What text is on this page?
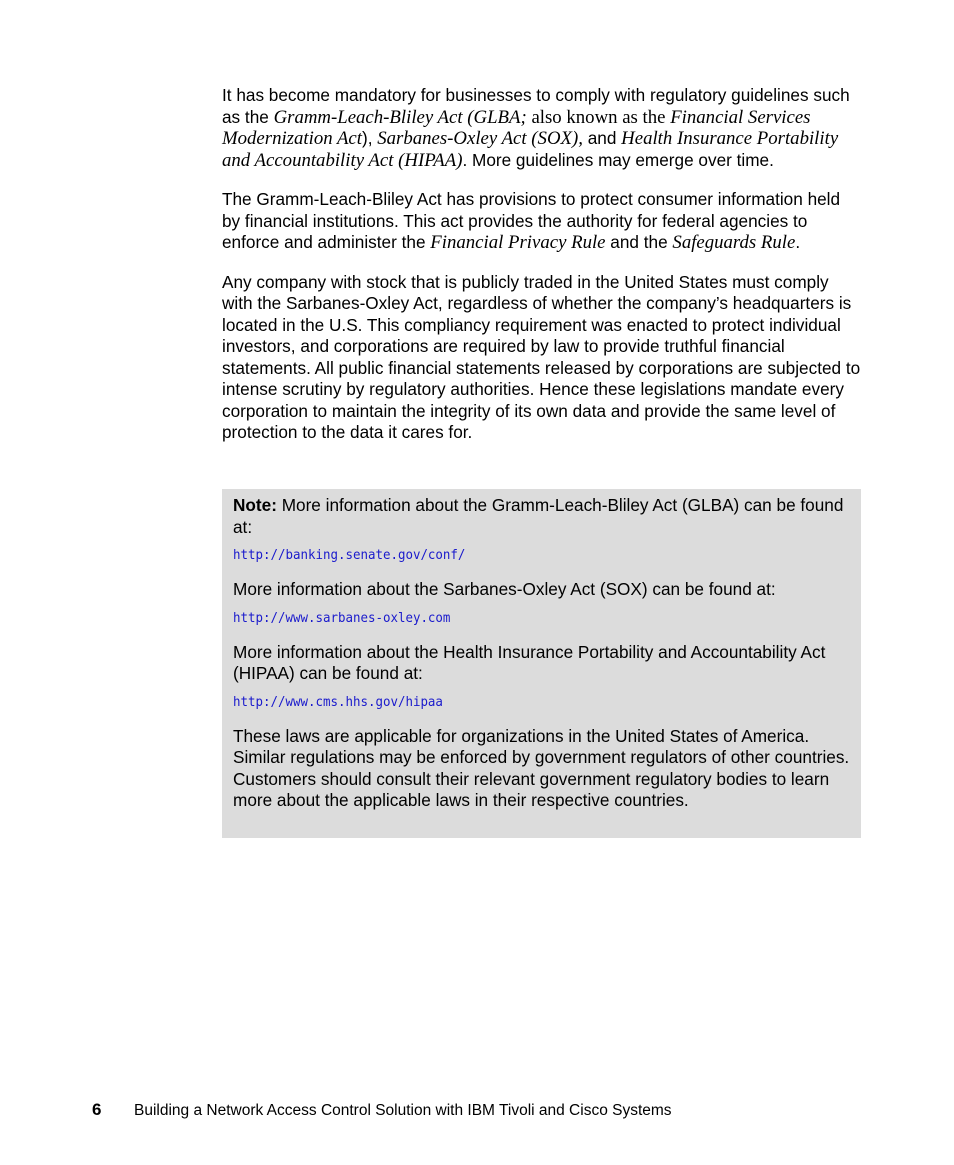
It has become mandatory for businesses to comply with regulatory guidelines such as the Gramm-Leach-Bliley Act (GLBA; also known as the Financial Services Modernization Act), Sarbanes-Oxley Act (SOX), and Health Insurance Portability and Accountability Act (HIPAA). More guidelines may emerge over time.

The Gramm-Leach-Bliley Act has provisions to protect consumer information held by financial institutions. This act provides the authority for federal agencies to enforce and administer the Financial Privacy Rule and the Safeguards Rule.

Any company with stock that is publicly traded in the United States must comply with the Sarbanes-Oxley Act, regardless of whether the company’s headquarters is located in the U.S. This compliancy requirement was enacted to protect individual investors, and corporations are required by law to provide truthful financial statements. All public financial statements released by corporations are subjected to intense scrutiny by regulatory authorities. Hence these legislations mandate every corporation to maintain the integrity of its own data and provide the same level of protection to the data it cares for.

Note: More information about the Gramm-Leach-Bliley Act (GLBA) can be found at:

http://banking.senate.gov/conf/

More information about the Sarbanes-Oxley Act (SOX) can be found at:

http://www.sarbanes-oxley.com

More information about the Health Insurance Portability and Accountability Act (HIPAA) can be found at:

http://www.cms.hhs.gov/hipaa

These laws are applicable for organizations in the United States of America. Similar regulations may be enforced by government regulators of other countries. Customers should consult their relevant government regulatory bodies to learn more about the applicable laws in their respective countries.

6 Building a Network Access Control Solution with IBM Tivoli and Cisco Systems
